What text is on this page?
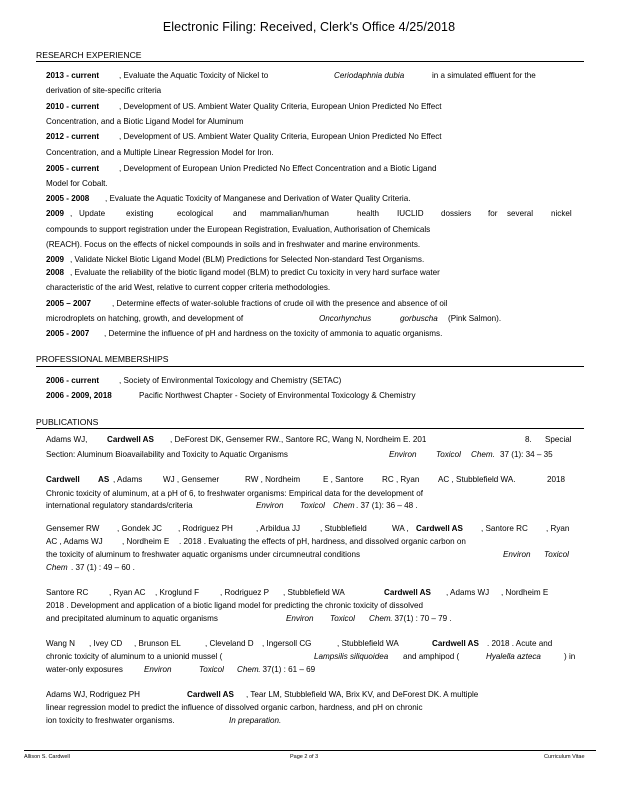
Electronic Filing: Received, Clerk's Office 4/25/2018
RESEARCH EXPERIENCE
2013 - current , Evaluate the Aquatic Toxicity of Nickel to	Ceriodaphnia dubia	in a simulated effluent for the
derivation of site-specific criteria
2010 - current , Development of US. Ambient Water Quality Criteria, European Union Predicted No Effect
Concentration, and a Biotic Ligand Model for Aluminum
2012 - current , Development of US. Ambient Water Quality Criteria, European Union Predicted No Effect
Concentration, and a Multiple Linear Regression Model for Iron.
2005 - current , Development of European Union Predicted No Effect Concentration and a Biotic Ligand
Model for Cobalt.
2005 - 2008 , Evaluate the Aquatic Toxicity of Manganese and Derivation of Water Quality Criteria.
2009 , Update	existing	ecological and mammalian/human	health IUCLID dossiers for several nickel
compounds to support registration under the European Registration, Evaluation, Authorisation of Chemicals
(REACH). Focus on the effects of nickel compounds in soils and in freshwater and marine environments.
2009 , Validate Nickel Biotic Ligand Model (BLM) Predictions for Selected Non-standard Test Organisms.
2008 , Evaluate the reliability of the biotic ligand model (BLM) to predict Cu toxicity in very hard surface water
characteristic of the arid West, relative to current copper criteria methodologies.
2005 – 2007	, Determine effects of water-soluble fractions of crude oil with the presence and absence of oil
microdroplets on hatching, growth, and development of	Oncorhynchus	gorbuscha (Pink Salmon).
2005 - 2007 , Determine the influence of pH and hardness on the toxicity of ammonia to aquatic organisms.
PROFESSIONAL MEMBERSHIPS
2006 - current , Society of Environmental Toxicology and Chemistry (SETAC)
2006 - 2009, 2018	Pacific Northwest Chapter - Society of Environmental Toxicology & Chemistry
PUBLICATIONS
Adams WJ, Cardwell AS , DeForest DK, Gensemer RW., Santore RC, Wang N, Nordheim E. 201	8. Special
Section: Aluminum Bioavailability and Toxicity to Aquatic Organisms	Environ Toxicol Chem. 37 (1): 34 – 35
Cardwell AS , Adams	WJ , Gensemer	RW , Nordheim	E , Santore RC , Ryan AC , Stubblefield WA.	2018
Chronic toxicity of aluminum, at a pH of 6, to freshwater organisms: Empirical data for the development of
international regulatory standards/criteria	Environ Toxicol Chem . 37 (1): 36 – 48 .
Gensemer RW , Gondek JC , Rodriguez PH	, Arbildua JJ , Stubblefield	WA , Cardwell AS , Santore RC , Ryan
AC , Adams WJ , Nordheim E . 2018 . Evaluating the effects of pH, hardness, and dissolved organic carbon on
the toxicity of aluminum to freshwater aquatic organisms under circumneutral conditions	Environ Toxicol
Chem . 37 (1) : 49 – 60 .
Santore RC	, Ryan AC , Kroglund F	, Rodriguez P , Stubblefield WA	Cardwell AS , Adams WJ , Nordheim E
2018 . Development and application of a biotic ligand model for predicting the chronic toxicity of dissolved
and precipitated aluminum to aquatic organisms	Environ Toxicol Chem . 37(1) : 70 – 79 .
Wang N , Ivey CD , Brunson EL	, Cleveland D , Ingersoll CG	, Stubblefield WA	Cardwell AS . 2018 . Acute and
chronic toxicity of aluminum to a unionid mussel (	Lampsilis siliquoidea and amphipod (	Hyalella azteca	) in
water-only exposures	Environ	Toxicol Chem . 37(1) : 61 – 69
Adams WJ, Rodriguez PH	Cardwell AS , Tear LM, Stubblefield WA, Brix KV, and DeForest DK. A multiple
linear regression model to predict the influence of dissolved organic carbon, hardness, and pH on chronic
ion toxicity to freshwater organisms.	In preparation.
Allison S. Cardwell	Page 2 of 3	Curriculum Vitae
